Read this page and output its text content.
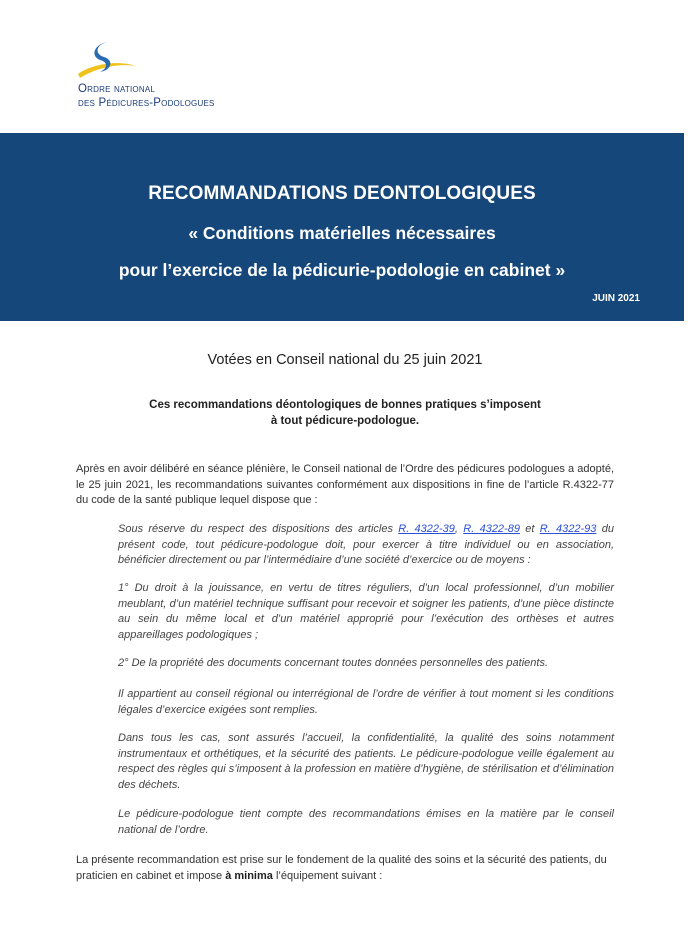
Ordre national
des Pédicures-Podologues
RECOMMANDATIONS DEONTOLOGIQUES
« Conditions matérielles nécessaires
pour l’exercice de la pédicurie-podologie en cabinet »
JUIN 2021
Votées en Conseil national du 25 juin 2021
Ces recommandations déontologiques de bonnes pratiques s’imposent
à tout pédicure-podologue.
Après en avoir délibéré en séance plénière, le Conseil national de l’Ordre des pédicures podologues a adopté, le 25 juin 2021, les recommandations suivantes conformément aux dispositions in fine de l’article R.4322-77 du code de la santé publique lequel dispose que :
Sous réserve du respect des dispositions des articles R. 4322-39, R. 4322-89 et R. 4322-93 du présent code, tout pédicure-podologue doit, pour exercer à titre individuel ou en association, bénéficier directement ou par l’intermédiaire d’une société d’exercice ou de moyens :
1° Du droit à la jouissance, en vertu de titres réguliers, d’un local professionnel, d’un mobilier meublant, d’un matériel technique suffisant pour recevoir et soigner les patients, d’une pièce distincte au sein du même local et d’un matériel approprié pour l’exécution des orthèses et autres appareillages podologiques ;
2° De la propriété des documents concernant toutes données personnelles des patients.
Il appartient au conseil régional ou interrégional de l’ordre de vérifier à tout moment si les conditions légales d’exercice exigées sont remplies.
Dans tous les cas, sont assurés l’accueil, la confidentialité, la qualité des soins notamment instrumentaux et orthétiques, et la sécurité des patients. Le pédicure-podologue veille également au respect des règles qui s’imposent à la profession en matière d’hygiène, de stérilisation et d’élimination des déchets.
Le pédicure-podologue tient compte des recommandations émises en la matière par le conseil national de l’ordre.
La présente recommandation est prise sur le fondement de la qualité des soins et la sécurité des patients, du praticien en cabinet et impose à minima l’équipement suivant :
